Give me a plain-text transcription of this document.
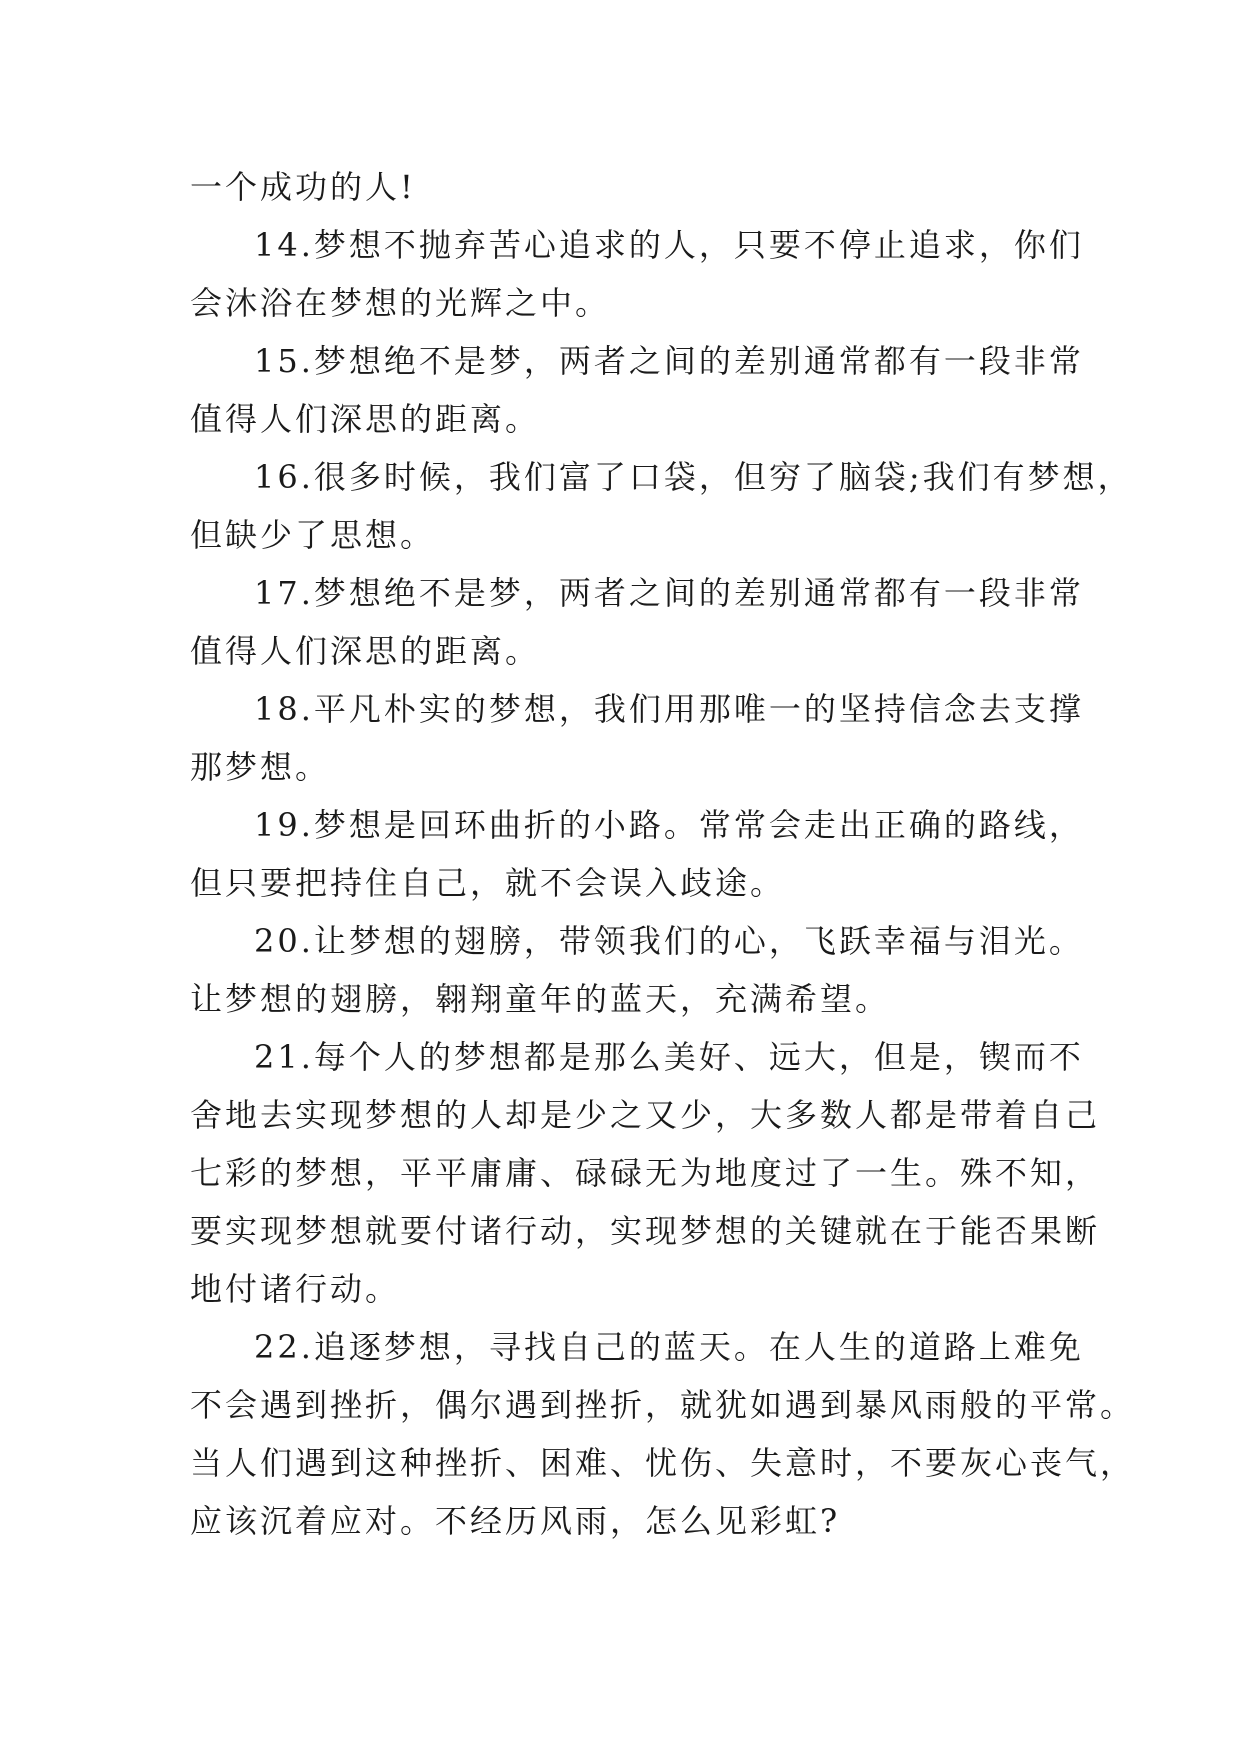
一个成功的人!
14.梦想不抛弃苦心追求的人，只要不停止追求，你们
会沐浴在梦想的光辉之中。
15.梦想绝不是梦，两者之间的差别通常都有一段非常
值得人们深思的距离。
16.很多时候，我们富了口袋，但穷了脑袋;我们有梦想，
但缺少了思想。
17.梦想绝不是梦，两者之间的差别通常都有一段非常
值得人们深思的距离。
18.平凡朴实的梦想，我们用那唯一的坚持信念去支撑
那梦想。
19.梦想是回环曲折的小路。常常会走出正确的路线，
但只要把持住自己，就不会误入歧途。
20.让梦想的翅膀，带领我们的心，飞跃幸福与泪光。
让梦想的翅膀，翱翔童年的蓝天，充满希望。
21.每个人的梦想都是那么美好、远大，但是，锲而不
舍地去实现梦想的人却是少之又少，大多数人都是带着自己
七彩的梦想，平平庸庸、碌碌无为地度过了一生。殊不知，
要实现梦想就要付诸行动，实现梦想的关键就在于能否果断
地付诸行动。
22.追逐梦想，寻找自己的蓝天。在人生的道路上难免
不会遇到挫折，偶尔遇到挫折，就犹如遇到暴风雨般的平常。
当人们遇到这种挫折、困难、忧伤、失意时，不要灰心丧气，
应该沉着应对。不经历风雨，怎么见彩虹?
